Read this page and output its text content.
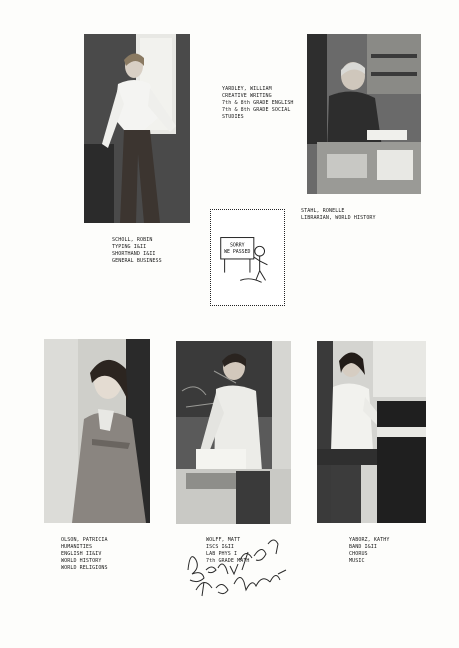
SORRY
WE PASSED
SCHOLL, ROBIN
TYPING I&II
SHORTHAND I&II
GENERAL BUSINESS
YARDLEY, WILLIAM
CREATIVE WRITING
7th & 8th GRADE ENGLISH
7th & 8th GRADE SOCIAL
STUDIES
STAHL, RONELLE
LIBRARIAN, WORLD HISTORY
OLSON, PATRICIA
HUMANITIES
ENGLISH II&IV
WORLD HISTORY
WORLD RELIGIONS
WOLFF, MATT
ISCS I&II
LAB PHYS I
7th GRADE MATH
YABORZ, KATHY
BAND I&II
CHORUS
MUSIC
